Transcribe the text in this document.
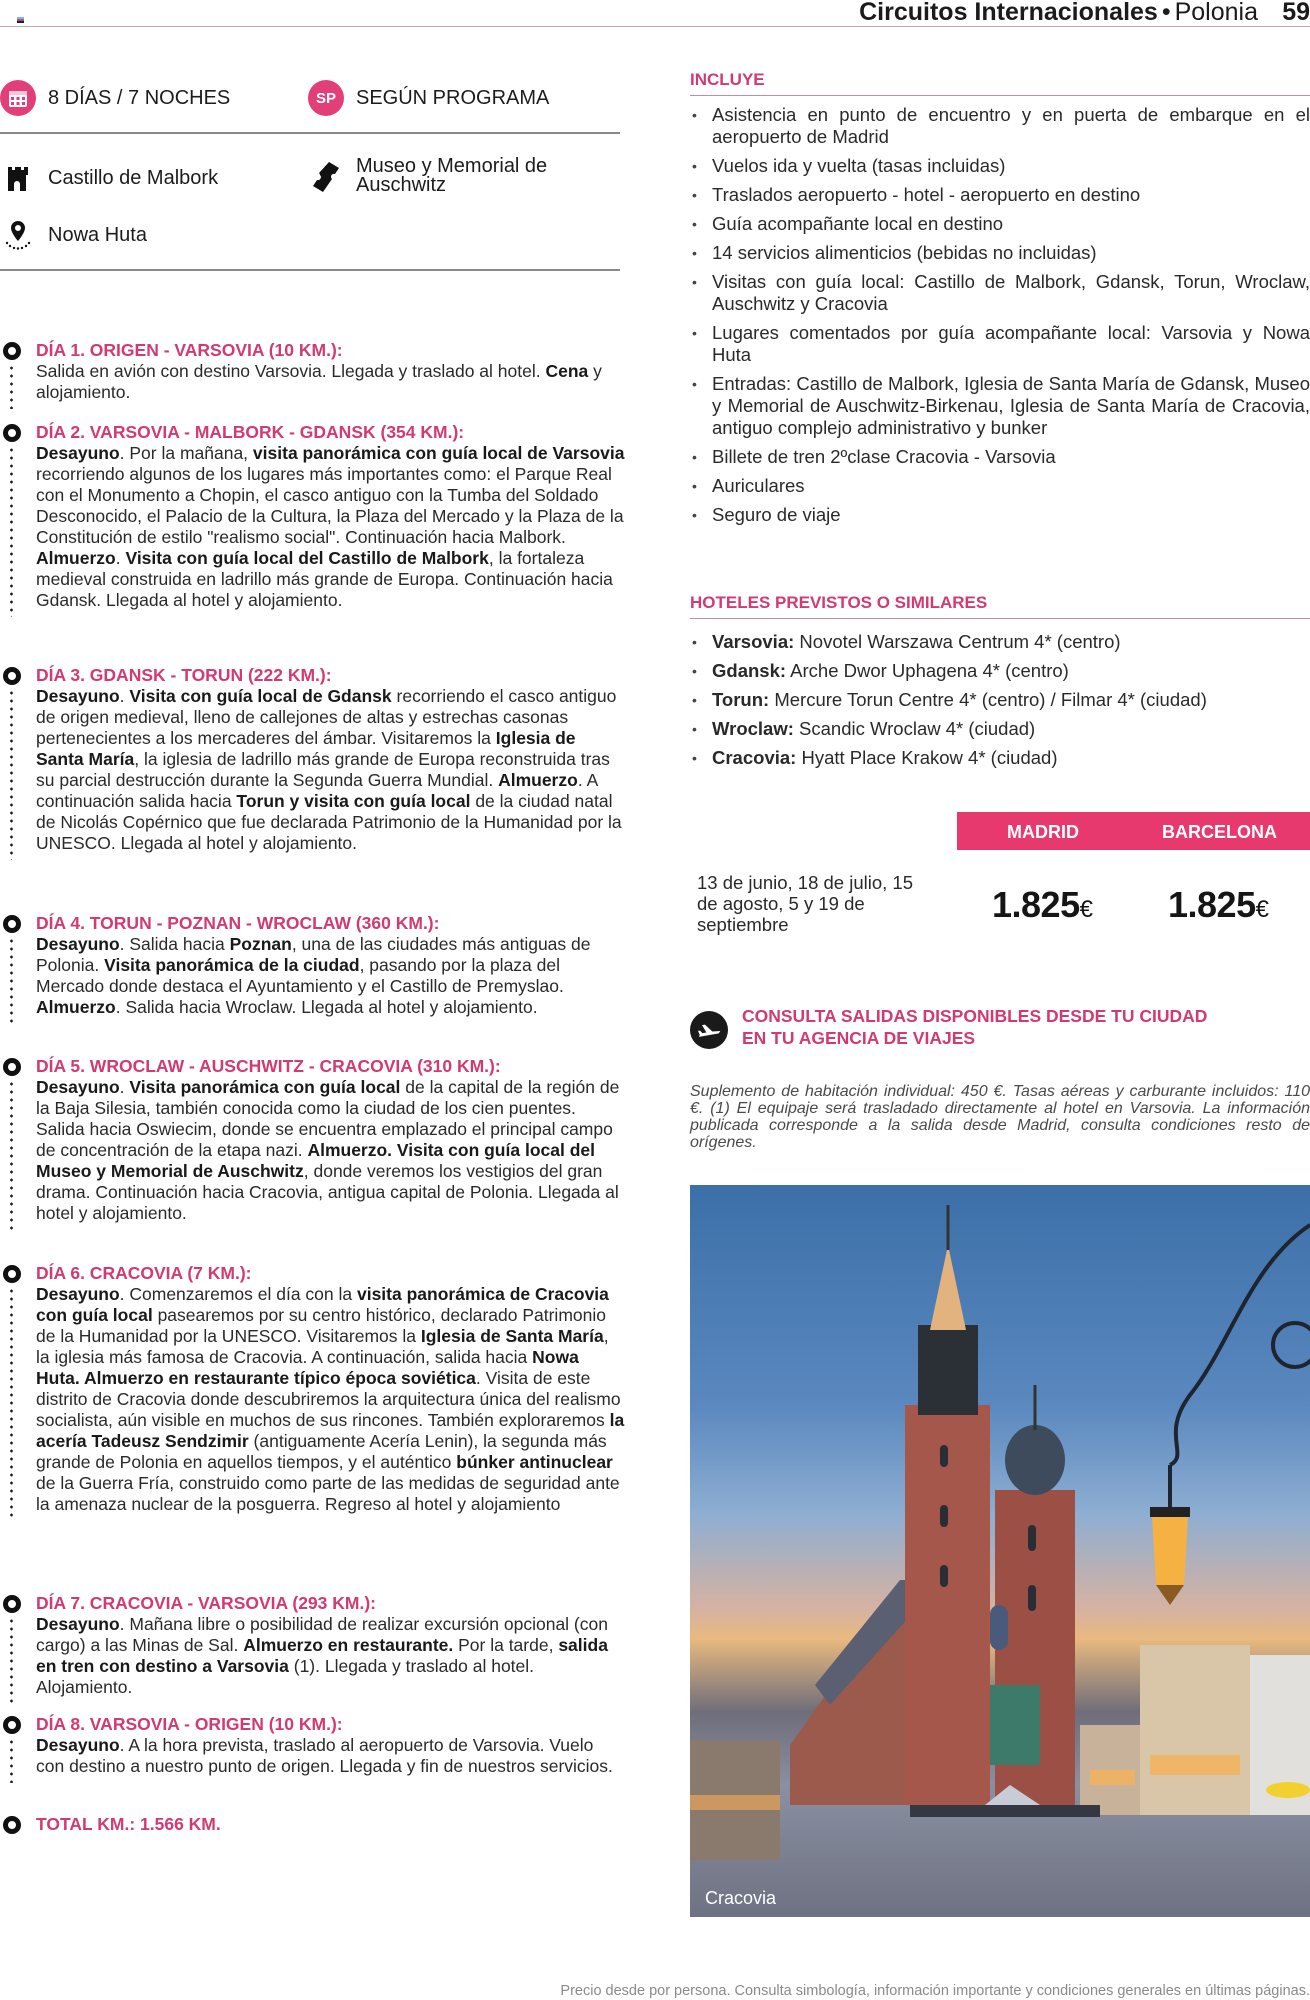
Circuitos Internacionales • Polonia 59
8 DÍAS / 7 NOCHES	SP	SEGÚN PROGRAMA
Castillo de Malbork
Museo y Memorial de Auschwitz
Nowa Huta
DÍA 1. ORIGEN - VARSOVIA (10 KM.):
Salida en avión con destino Varsovia. Llegada y traslado al hotel. Cena y alojamiento.
DÍA 2. VARSOVIA - MALBORK - GDANSK (354 KM.):
Desayuno. Por la mañana, visita panorámica con guía local de Varsovia recorriendo algunos de los lugares más importantes como: el Parque Real con el Monumento a Chopin, el casco antiguo con la Tumba del Soldado Desconocido, el Palacio de la Cultura, la Plaza del Mercado y la Plaza de la Constitución de estilo "realismo social". Continuación hacia Malbork. Almuerzo. Visita con guía local del Castillo de Malbork, la fortaleza medieval construida en ladrillo más grande de Europa. Continuación hacia Gdansk. Llegada al hotel y alojamiento.
DÍA 3. GDANSK - TORUN (222 KM.):
Desayuno. Visita con guía local de Gdansk recorriendo el casco antiguo de origen medieval, lleno de callejones de altas y estrechas casonas pertenecientes a los mercaderes del ámbar. Visitaremos la Iglesia de Santa María, la iglesia de ladrillo más grande de Europa reconstruida tras su parcial destrucción durante la Segunda Guerra Mundial. Almuerzo. A continuación salida hacia Torun y visita con guía local de la ciudad natal de Nicolás Copérnico que fue declarada Patrimonio de la Humanidad por la UNESCO. Llegada al hotel y alojamiento.
DÍA 4. TORUN - POZNAN - WROCLAW (360 KM.):
Desayuno. Salida hacia Poznan, una de las ciudades más antiguas de Polonia. Visita panorámica de la ciudad, pasando por la plaza del Mercado donde destaca el Ayuntamiento y el Castillo de Premyslao. Almuerzo. Salida hacia Wroclaw. Llegada al hotel y alojamiento.
DÍA 5. WROCLAW - AUSCHWITZ - CRACOVIA (310 KM.):
Desayuno. Visita panorámica con guía local de la capital de la región de la Baja Silesia, también conocida como la ciudad de los cien puentes. Salida hacia Oswiecim, donde se encuentra emplazado el principal campo de concentración de la etapa nazi. Almuerzo. Visita con guía local del Museo y Memorial de Auschwitz, donde veremos los vestigios del gran drama. Continuación hacia Cracovia, antigua capital de Polonia. Llegada al hotel y alojamiento.
DÍA 6. CRACOVIA (7 KM.):
Desayuno. Comenzaremos el día con la visita panorámica de Cracovia con guía local pasearemos por su centro histórico, declarado Patrimonio de la Humanidad por la UNESCO. Visitaremos la Iglesia de Santa María, la iglesia más famosa de Cracovia. A continuación, salida hacia Nowa Huta. Almuerzo en restaurante típico época soviética. Visita de este distrito de Cracovia donde descubriremos la arquitectura única del realismo socialista, aún visible en muchos de sus rincones. También exploraremos la acería Tadeusz Sendzimir (antiguamente Acería Lenin), la segunda más grande de Polonia en aquellos tiempos, y el auténtico búnker antinuclear de la Guerra Fría, construido como parte de las medidas de seguridad ante la amenaza nuclear de la posguerra. Regreso al hotel y alojamiento
DÍA 7. CRACOVIA - VARSOVIA (293 KM.):
Desayuno. Mañana libre o posibilidad de realizar excursión opcional (con cargo) a las Minas de Sal. Almuerzo en restaurante. Por la tarde, salida en tren con destino a Varsovia (1). Llegada y traslado al hotel. Alojamiento.
DÍA 8. VARSOVIA - ORIGEN (10 KM.):
Desayuno. A la hora prevista, traslado al aeropuerto de Varsovia. Vuelo con destino a nuestro punto de origen. Llegada y fin de nuestros servicios.
TOTAL KM.: 1.566 KM.
INCLUYE
• Asistencia en punto de encuentro y en puerta de embarque en el aeropuerto de Madrid
• Vuelos ida y vuelta (tasas incluidas)
• Traslados aeropuerto - hotel - aeropuerto en destino
• Guía acompañante local en destino
• 14 servicios alimenticios (bebidas no incluidas)
• Visitas con guía local: Castillo de Malbork, Gdansk, Torun, Wroclaw, Auschwitz y Cracovia
• Lugares comentados por guía acompañante local: Varsovia y Nowa Huta
• Entradas: Castillo de Malbork, Iglesia de Santa María de Gdansk, Museo y Memorial de Auschwitz-Birkenau, Iglesia de Santa María de Cracovia, antiguo complejo administrativo y bunker
• Billete de tren 2ºclase Cracovia - Varsovia
• Auriculares
• Seguro de viaje
HOTELES PREVISTOS O SIMILARES
• Varsovia: Novotel Warszawa Centrum 4* (centro)
• Gdansk: Arche Dwor Uphagena 4* (centro)
• Torun: Mercure Torun Centre 4* (centro) / Filmar 4* (ciudad)
• Wroclaw: Scandic Wroclaw 4* (ciudad)
• Cracovia: Hyatt Place Krakow 4* (ciudad)
MADRID	BARCELONA
13 de junio, 18 de julio, 15 de agosto, 5 y 19 de septiembre	1.825€ 1.825€
CONSULTA SALIDAS DISPONIBLES DESDE TU CIUDAD
EN TU AGENCIA DE VIAJES
Suplemento de habitación individual: 450 €. Tasas aéreas y carburante incluidos: 110 €. (1) El equipaje será trasladado directamente al hotel en Varsovia. La información publicada corresponde a la salida desde Madrid, consulta condiciones resto de orígenes.
Cracovia
Precio desde por persona. Consulta simbología, información importante y condiciones generales en últimas páginas.
